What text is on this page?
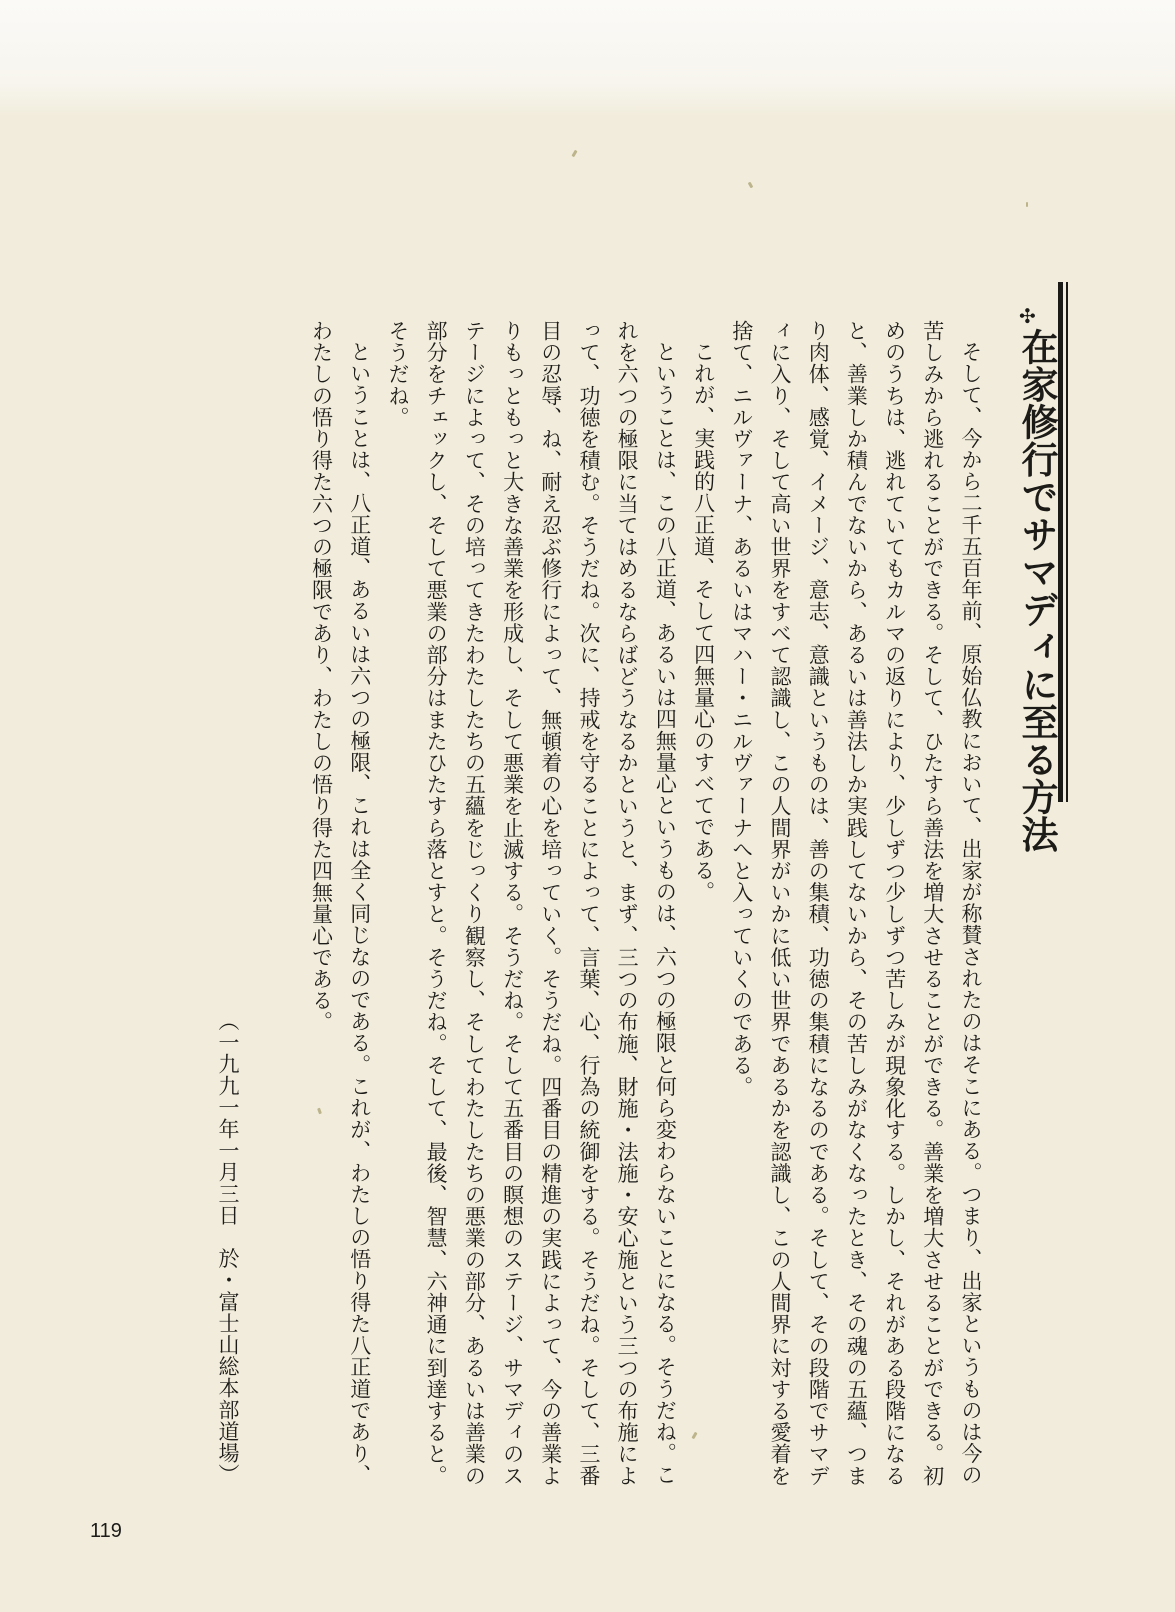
✣
在家修行でサマディに至る方法

そして、今から二千五百年前、原始仏教において、出家が称賛されたのはそこにある。つまり、出家というものは今の苦しみから逃れることができる。そして、ひたすら善法を増大させることができる。善業を増大させることができる。初めのうちは、逃れていてもカルマの返りにより、少しずつ少しずつ苦しみが現象化する。しかし、それがある段階になると、善業しか積んでないから、あるいは善法しか実践してないから、その苦しみがなくなったとき、その魂の五蘊、つまり肉体、感覚、イメージ、意志、意識というものは、善の集積、功徳の集積になるのである。そして、その段階でサマディに入り、そして高い世界をすべて認識し、この人間界がいかに低い世界であるかを認識し、この人間界に対する愛着を捨て、ニルヴァーナ、あるいはマハー・ニルヴァーナへと入っていくのである。

これが、実践的八正道、そして四無量心のすべてである。

ということは、この八正道、あるいは四無量心というものは、六つの極限と何ら変わらないことになる。そうだね。これを六つの極限に当てはめるならばどうなるかというと、まず、三つの布施、財施・法施・安心施という三つの布施によって、功徳を積む。そうだね。次に、持戒を守ることによって、言葉、心、行為の統御をする。そうだね。そして、三番目の忍辱、ね、耐え忍ぶ修行によって、無頓着の心を培っていく。そうだね。四番目の精進の実践によって、今の善業よりもっともっと大きな善業を形成し、そして悪業を止滅する。そうだね。そして五番目の瞑想のステージ、サマディのステージによって、その培ってきたわたしたちの五蘊をじっくり観察し、そしてわたしたちの悪業の部分、あるいは善業の部分をチェックし、そして悪業の部分はまたひたすら落とすと。そうだね。そして、最後、智慧、六神通に到達すると。そうだね。

ということは、八正道、あるいは六つの極限、これは全く同じなのである。これが、わたしの悟り得た八正道であり、わたしの悟り得た六つの極限であり、わたしの悟り得た四無量心である。

（一九九一年一月三日　於・富士山総本部道場）
119
